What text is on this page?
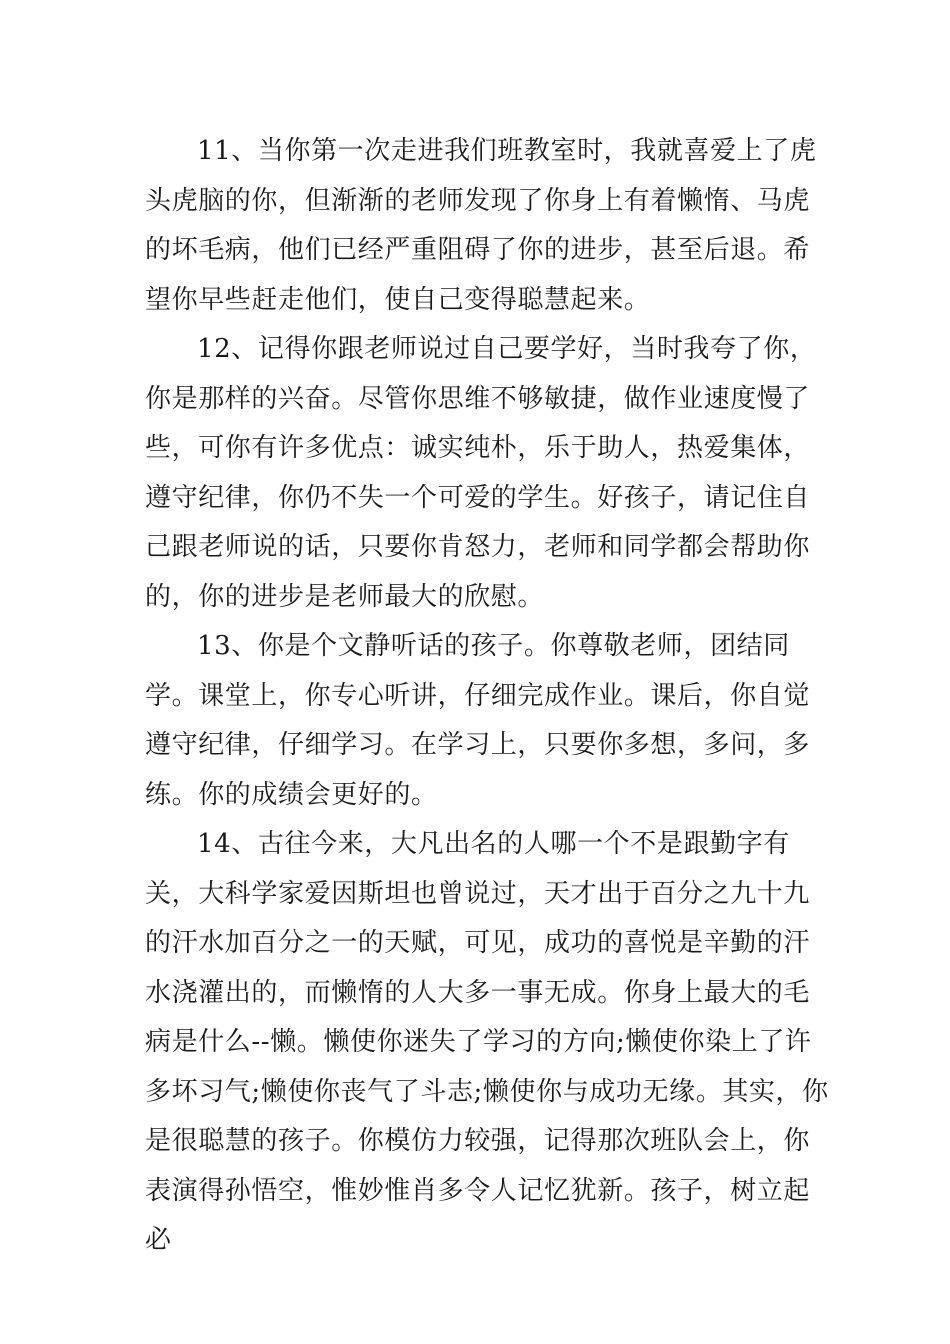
11、当你第一次走进我们班教室时，我就喜爱上了虎头虎脑的你，但渐渐的老师发现了你身上有着懒惰、马虎的坏毛病，他们已经严重阻碍了你的进步，甚至后退。希望你早些赶走他们，使自己变得聪慧起来。

12、记得你跟老师说过自己要学好，当时我夸了你，你是那样的兴奋。尽管你思维不够敏捷，做作业速度慢了些，可你有许多优点：诚实纯朴，乐于助人，热爱集体，遵守纪律，你仍不失一个可爱的学生。好孩子，请记住自己跟老师说的话，只要你肯怒力，老师和同学都会帮助你的，你的进步是老师最大的欣慰。

13、你是个文静听话的孩子。你尊敬老师，团结同学。课堂上，你专心听讲，仔细完成作业。课后，你自觉遵守纪律，仔细学习。在学习上，只要你多想，多问，多练。你的成绩会更好的。

14、古往今来，大凡出名的人哪一个不是跟勤字有关，大科学家爱因斯坦也曾说过，天才出于百分之九十九的汗水加百分之一的天赋，可见，成功的喜悦是辛勤的汗水浇灌出的，而懒惰的人大多一事无成。你身上最大的毛病是什么--懒。懒使你迷失了学习的方向;懒使你染上了许多坏习气;懒使你丧气了斗志;懒使你与成功无缘。其实，你是很聪慧的孩子。你模仿力较强，记得那次班队会上，你表演得孙悟空，惟妙惟肖多令人记忆犹新。孩子，树立起必
